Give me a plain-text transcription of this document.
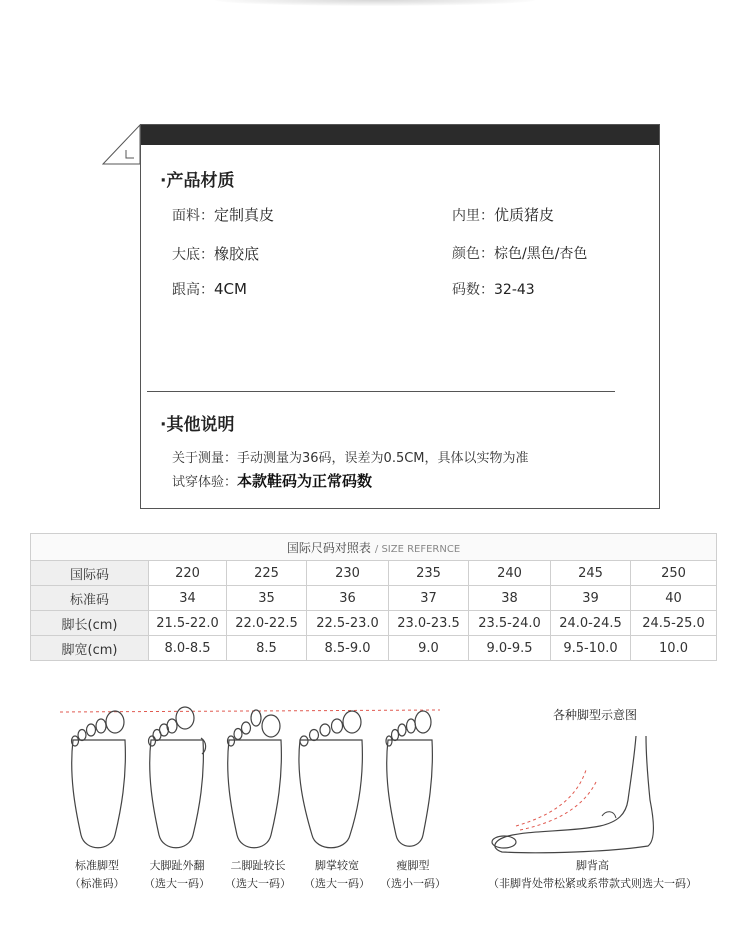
·产品材质
面料：定制真皮	内里：优质猪皮
大底：橡胶底	颜色：棕色/黑色/杏色
跟高：4CM	码数：32-43
·其他说明
关于测量：手动测量为36码，误差为0.5CM，具体以实物为准
试穿体验：本款鞋码为正常码数
国际尺码对照表 / SIZE REFERNCE							
国际码	220	225	230	235	240	245	250
标准码	34	35	36	37	38	39	40
脚长(cm)	21.5-22.0	22.0-22.5	22.5-23.0	23.0-23.5	23.5-24.0	24.0-24.5	24.5-25.0
脚宽(cm)	8.0-8.5	8.5	8.5-9.0	9.0	9.0-9.5	9.5-10.0	10.0
标准脚型
（标准码）
大脚趾外翻
（选大一码）
二脚趾较长
（选大一码）
脚掌较宽
（选大一码）
瘦脚型
（选小一码）
各种脚型示意图
脚背高
（非脚背处带松紧或系带款式则选大一码）
